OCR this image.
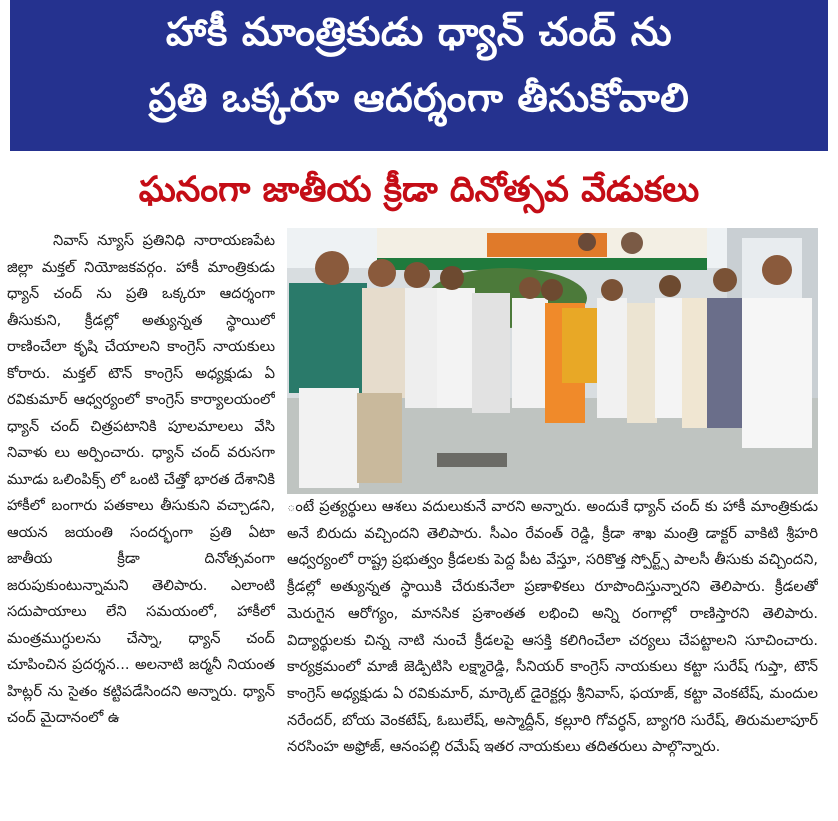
హాకీ మాంత్రికుడు ధ్యాన్ చంద్ ను
ప్రతి ఒక్కరూ ఆదర్శంగా తీసుకోవాలి
ఘనంగా జాతీయ క్రీడా దినోత్సవ వేడుకలు

నివాస్ న్యూస్ ప్రతినిధి నారాయణపేట జిల్లా మక్తల్ నియోజకవర్గం. హాకీ మాంత్రికుడు ధ్యాన్ చంద్ ను ప్రతి ఒక్కరూ ఆదర్శంగా తీసుకుని, క్రీడల్లో అత్యున్నత స్థాయిలో రాణించేలా కృషి చేయాలని కాంగ్రెస్ నాయకులు కోరారు. మక్తల్ టౌన్ కాంగ్రెస్ అధ్యక్షుడు ఏ రవికుమార్ ఆధ్వర్యంలో కాంగ్రెస్ కార్యాలయంలో ధ్యాన్ చంద్ చిత్రపటానికి పూలమాలలు వేసి నివాళు లు అర్పించారు. ధ్యాన్ చంద్ వరుసగా మూడు ఒలింపిక్స్ లో ఒంటి చేత్తో భారత దేశానికి హాకీలో బంగారు పతకాలు తీసుకుని వచ్చాడని, ఆయన జయంతి సందర్భంగా ప్రతి ఏటా జాతీయ క్రీడా దినోత్సవంగా జరుపుకుంటున్నామని తెలిపారు. ఎలాంటి సదుపాయాలు లేని సమయంలో, హాకీలో మంత్రముగ్ధులను చేస్నా, ధ్యాన్ చంద్ చూపించిన ప్రదర్శన... అలనాటి జర్మనీ నియంత హిట్లర్ ను సైతం కట్టిపడేసిందని అన్నారు. ధ్యాన్ చంద్ మైదానంలో ఉ

ంటే ప్రత్యర్థులు ఆశలు వదులుకునే వారని అన్నారు. అందుకే ధ్యాన్ చంద్ కు హాకీ మాంత్రికుడు అనే బిరుదు వచ్చిందని తెలిపారు. సీఎం రేవంత్ రెడ్డి, క్రీడా శాఖ మంత్రి డాక్టర్ వాకిటి శ్రీహరి ఆధ్వర్యంలో రాష్ట్ర ప్రభుత్వం క్రీడలకు పెద్ద పీట వేస్తూ, సరికొత్త స్పోర్ట్స్ పాలసీ తీసుకు వచ్చిందని, క్రీడల్లో అత్యున్నత స్థాయికి చేరుకునేలా ప్రణాళికలు రూపొందిస్తున్నారని తెలిపారు. క్రీడలతో మెరుగైన ఆరోగ్యం, మానసిక ప్రశాంతత లభించి అన్ని రంగాల్లో రాణిస్తారని తెలిపారు. విద్యార్థులకు చిన్న నాటి నుంచే క్రీడలపై ఆసక్తి కలిగించేలా చర్యలు చేపట్టాలని సూచించారు. కార్యక్రమంలో మాజీ జెడ్పిటిసి లక్ష్మారెడ్డి, సీనియర్ కాంగ్రెస్ నాయకులు కట్టా సురేష్ గుప్తా, టౌన్ కాంగ్రెస్ అధ్యక్షుడు ఏ రవికుమార్, మార్కెట్ డైరెక్టర్లు శ్రీనివాస్, ఫయాజ్, కట్టా వెంకటేష్, మందుల నరేందర్, బోయ వెంకటేష్, ఓబులేష్, అస్మాద్దీన్, కల్లూరి గోవర్ధన్, బ్యాగరి సురేష్, తిరుమలాపూర్ నరసింహ అఫ్రోజ్, ఆనంపల్లి రమేష్ ఇతర నాయకులు తదితరులు పాల్గొన్నారు.
